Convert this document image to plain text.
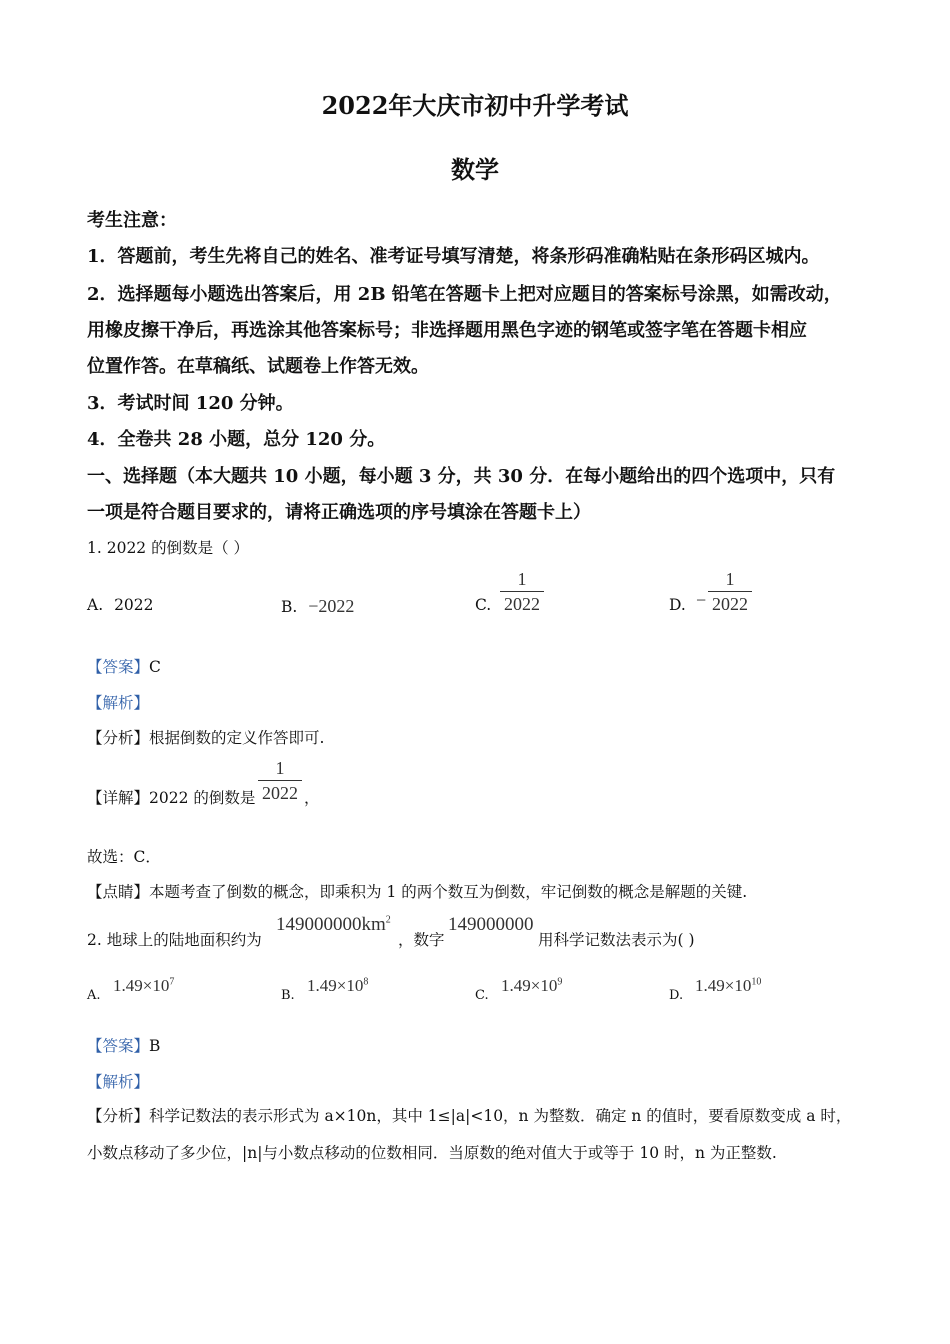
2022年大庆市初中升学考试
数学
考生注意：
1．答题前，考生先将自己的姓名、准考证号填写清楚，将条形码准确粘贴在条形码区城内。
2．选择题每小题选出答案后，用 2B 铅笔在答题卡上把对应题目的答案标号涂黑，如需改动，
用橡皮擦干净后，再选涂其他答案标号；非选择题用黑色字迹的钢笔或签字笔在答题卡相应
位置作答。在草稿纸、试题卷上作答无效。
3．考试时间 120 分钟。
4．全卷共 28 小题，总分 120 分。
一、选择题（本大题共 10 小题，每小题 3 分，共 30 分．在每小题给出的四个选项中，只有
一项是符合题目要求的，请将正确选项的序号填涂在答题卡上）
1. 2022 的倒数是（ ）
A. 2022	B. −2022	C.
1
2022	D. −
1
2022
【答案】C
【解析】
【分析】根据倒数的定义作答即可.
【详解】2022 的倒数是
1
2022 ，
故选：C．
【点睛】本题考查了倒数的概念，即乘积为 1 的两个数互为倒数，牢记倒数的概念是解题的关键.
2. 地球上的陆地面积约为
$149000000km^2$
，数字
149000000
用科学记数法表示为( )
A.
$1.49\times 10^7$
B.
$1.49\times 10^8$
C.
$1.49\times 10^9$
D.
$1.49\times 10^{10}$
【答案】B
【解析】
【分析】科学记数法的表示形式为 a×10n，其中 1≤|a|<10，n 为整数．确定 n 的值时，要看原数变成 a 时，
小数点移动了多少位，|n|与小数点移动的位数相同．当原数的绝对值大于或等于 10 时，n 为正整数.
